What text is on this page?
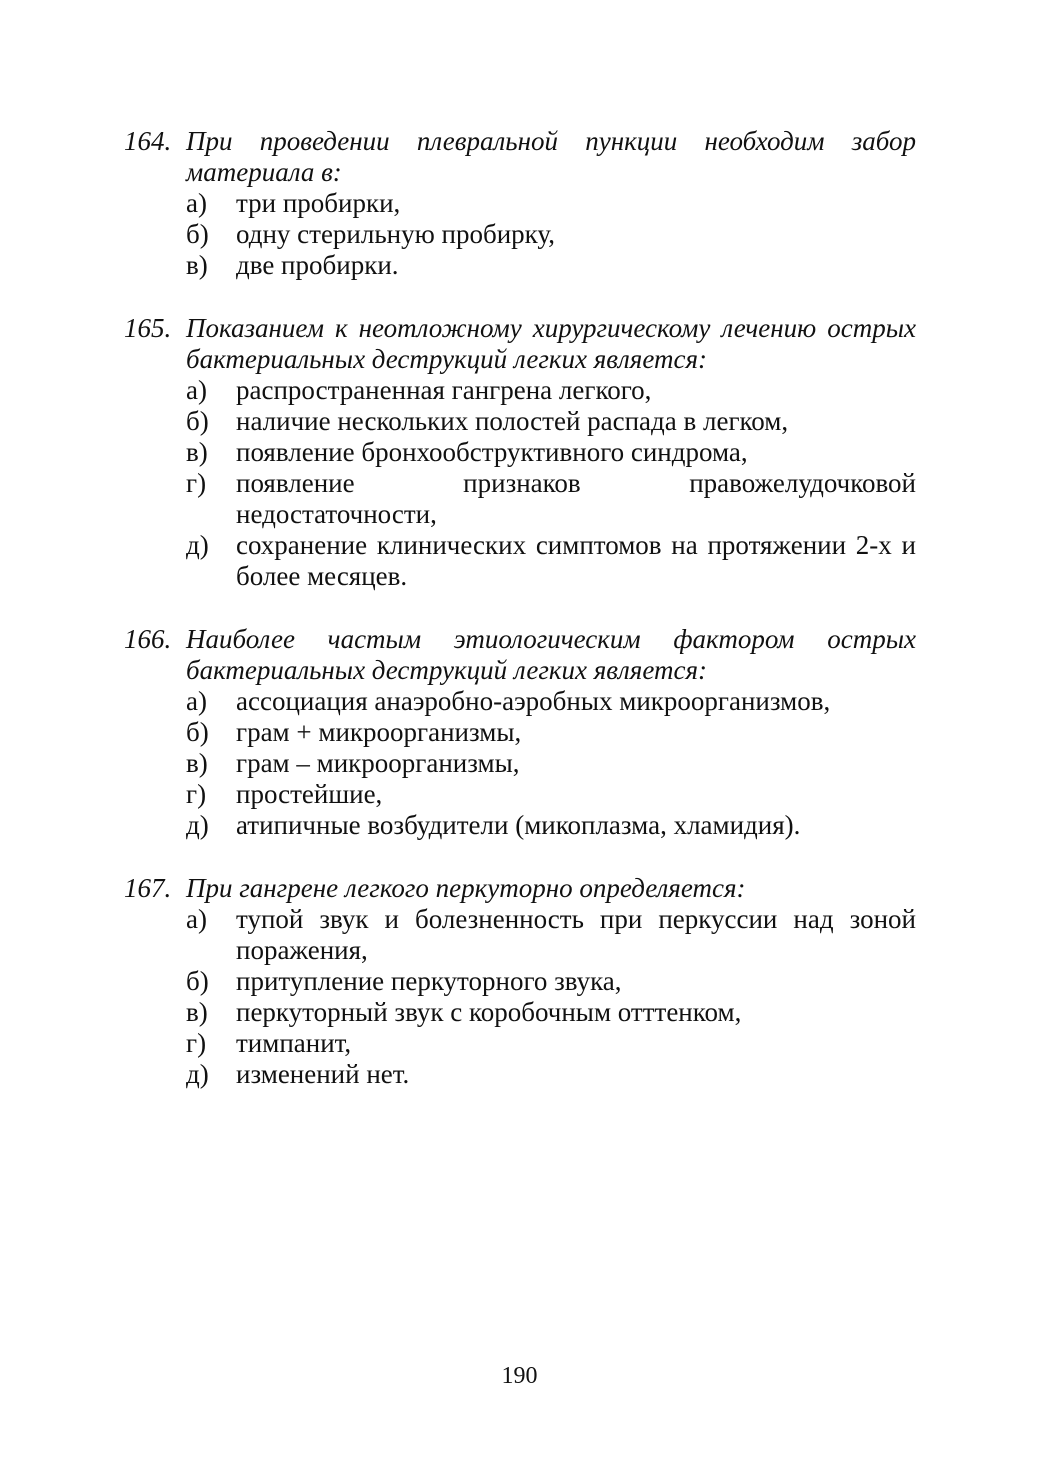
164. При проведении плевральной пункции необходим забор материала в:
а)	три пробирки,
б)	одну стерильную пробирку,
в)	две пробирки.
165. Показанием к неотложному хирургическому лечению острых бактериальных деструкций легких является:
а)	распространенная гангрена легкого,
б)	наличие нескольких полостей распада в легком,
в)	появление бронхообструктивного синдрома,
г)	появление признаков правожелудочковой недостаточности,
д)	сохранение клинических симптомов на протяжении 2-х и более месяцев.
166. Наиболее частым этиологическим фактором острых бактериальных деструкций легких является:
а)	ассоциация анаэробно-аэробных микроорганизмов,
б)	грам + микроорганизмы,
в)	грам – микроорганизмы,
г)	простейшие,
д)	атипичные возбудители (микоплазма, хламидия).
167. При гангрене легкого перкуторно определяется:
а)	тупой звук и болезненность при перкуссии над зоной поражения,
б)	притупление перкуторного звука,
в)	перкуторный звук с коробочным отттенком,
г)	тимпанит,
д)	изменений нет.
190
